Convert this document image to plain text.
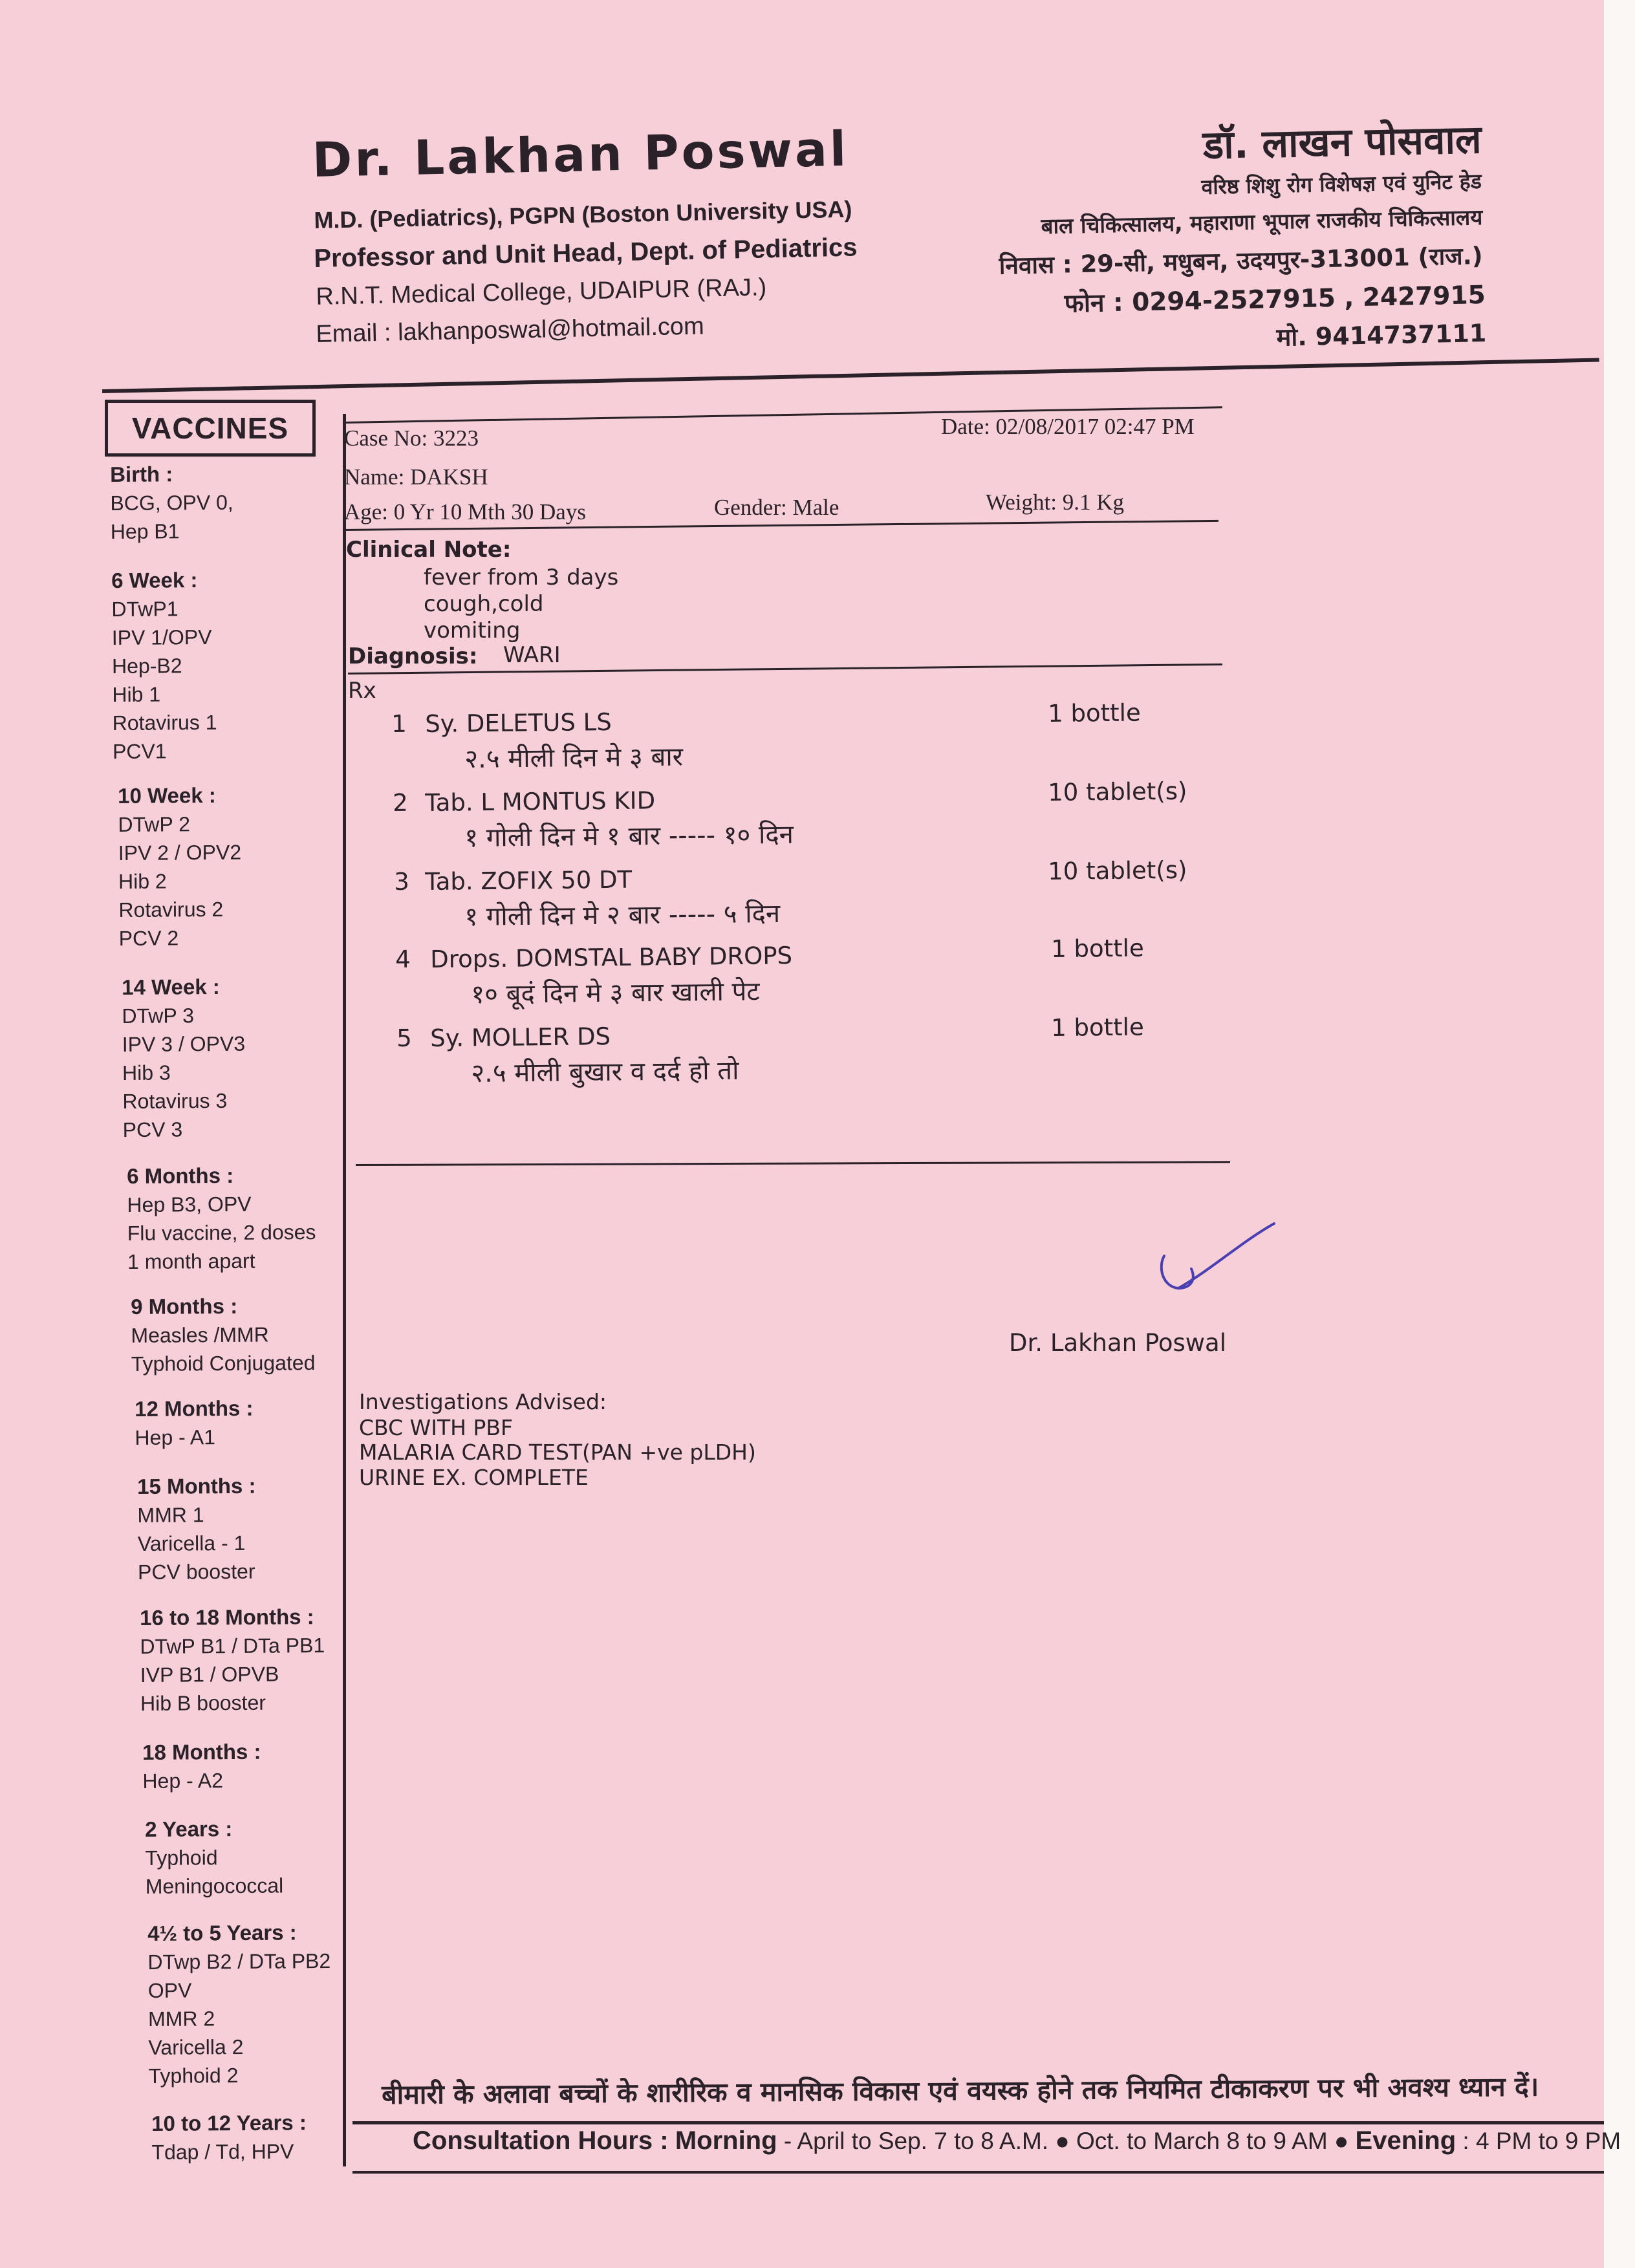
Dr. Lakhan Poswal
M.D. (Pediatrics), PGPN (Boston University USA)
Professor and Unit Head, Dept. of Pediatrics
R.N.T. Medical College, UDAIPUR (RAJ.)
Email : lakhanposwal@hotmail.com
डॉ. लाखन पोसवाल
वरिष्ठ शिशु रोग विशेषज्ञ एवं युनिट हेड
बाल चिकित्सालय, महाराणा भूपाल राजकीय चिकित्सालय
निवास : 29-सी, मधुबन, उदयपुर-313001 (राज.)
फोन : 0294-2527915 , 2427915
मो. 9414737111
VACCINES
Birth :
BCG, OPV 0,
Hep B1
6 Week :
DTwP1
IPV 1/OPV
Hep-B2
Hib 1
Rotavirus 1
PCV1
10 Week :
DTwP 2
IPV 2 / OPV2
Hib 2
Rotavirus 2
PCV 2
14 Week :
DTwP 3
IPV 3 / OPV3
Hib 3
Rotavirus 3
PCV 3
6 Months :
Hep B3, OPV
Flu vaccine, 2 doses
1 month apart
9 Months :
Measles /MMR
Typhoid Conjugated
12 Months :
Hep - A1
15 Months :
MMR 1
Varicella - 1
PCV booster
16 to 18 Months :
DTwP B1 / DTa PB1
IVP B1 / OPVB
Hib B booster
18 Months :
Hep - A2
2 Years :
Typhoid
Meningococcal
4½ to 5 Years :
DTwp B2 / DTa PB2
OPV
MMR 2
Varicella 2
Typhoid 2
10 to 12 Years :
Tdap / Td, HPV
Case No: 3223	Date: 02/08/2017 02:47 PM
Name: DAKSH
Age: 0 Yr 10 Mth 30 Days	Gender: Male	Weight: 9.1 Kg
Clinical Note:
fever from 3 days
cough,cold
vomiting
Diagnosis: WARI
Rx
1 Sy. DELETUS LS
२.५ मीली दिन मे ३ बार
1 bottle
2 Tab. L MONTUS KID
१ गोली दिन मे १ बार ----- १० दिन
10 tablet(s)
3 Tab. ZOFIX 50 DT
१ गोली दिन मे २ बार ----- ५ दिन
10 tablet(s)
4 Drops. DOMSTAL BABY DROPS
१० बूदं दिन मे ३ बार खाली पेट
1 bottle
5 Sy. MOLLER DS
२.५ मीली बुखार व दर्द हो तो
1 bottle
Dr. Lakhan Poswal
Investigations Advised:
CBC WITH PBF
MALARIA CARD TEST(PAN +ve pLDH)
URINE EX. COMPLETE
बीमारी के अलावा बच्चों के शारीरिक व मानसिक विकास एवं वयस्क होने तक नियमित टीकाकरण पर भी अवश्य ध्यान दें।
Consultation Hours : Morning - April to Sep. 7 to 8 A.M. ● Oct. to March 8 to 9 AM ● Evening : 4 PM to 9 PM
